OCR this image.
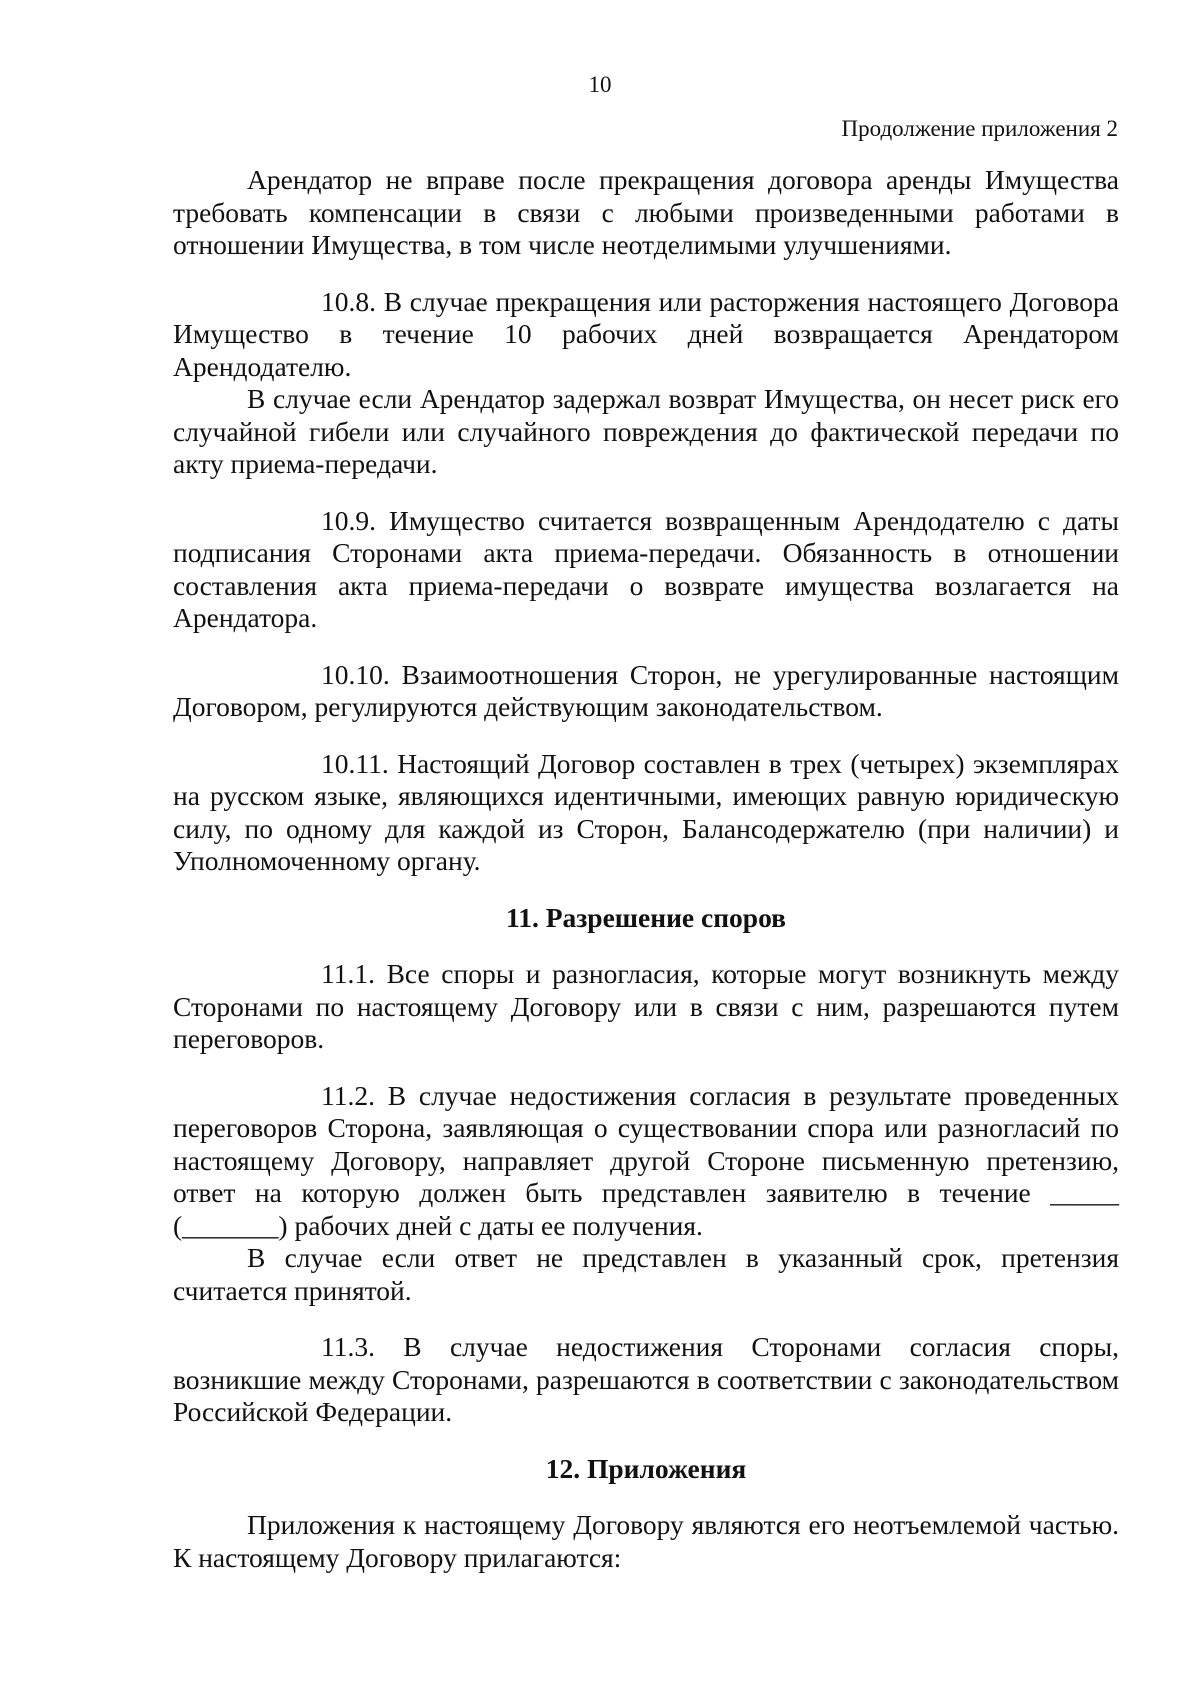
10
Продолжение приложения 2

Арендатор не вправе после прекращения договора аренды Имущества требовать компенсации в связи с любыми произведенными работами в отношении Имущества, в том числе неотделимыми улучшениями.

10.8. В случае прекращения или расторжения настоящего Договора Имущество в течение 10 рабочих дней возвращается Арендатором Арендодателю.

В случае если Арендатор задержал возврат Имущества, он несет риск его случайной гибели или случайного повреждения до фактической передачи по акту приема-передачи.

10.9. Имущество считается возвращенным Арендодателю с даты подписания Сторонами акта приема-передачи. Обязанность в отношении составления акта приема-передачи о возврате имущества возлагается на Арендатора.

10.10. Взаимоотношения Сторон, не урегулированные настоящим Договором, регулируются действующим законодательством.

10.11. Настоящий Договор составлен в трех (четырех) экземплярах на русском языке, являющихся идентичными, имеющих равную юридическую силу, по одному для каждой из Сторон, Балансодержателю (при наличии) и Уполномоченному органу.

11. Разрешение споров

11.1. Все споры и разногласия, которые могут возникнуть между Сторонами по настоящему Договору или в связи с ним, разрешаются путем переговоров.

11.2. В случае недостижения согласия в результате проведенных переговоров Сторона, заявляющая о существовании спора или разногласий по настоящему Договору, направляет другой Стороне письменную претензию, ответ на которую должен быть представлен заявителю в течение _____ (_______) рабочих дней с даты ее получения.

В случае если ответ не представлен в указанный срок, претензия считается принятой.

11.3. В случае недостижения Сторонами согласия споры, возникшие между Сторонами, разрешаются в соответствии с законодательством Российской Федерации.

12. Приложения

Приложения к настоящему Договору являются его неотъемлемой частью. К настоящему Договору прилагаются:
